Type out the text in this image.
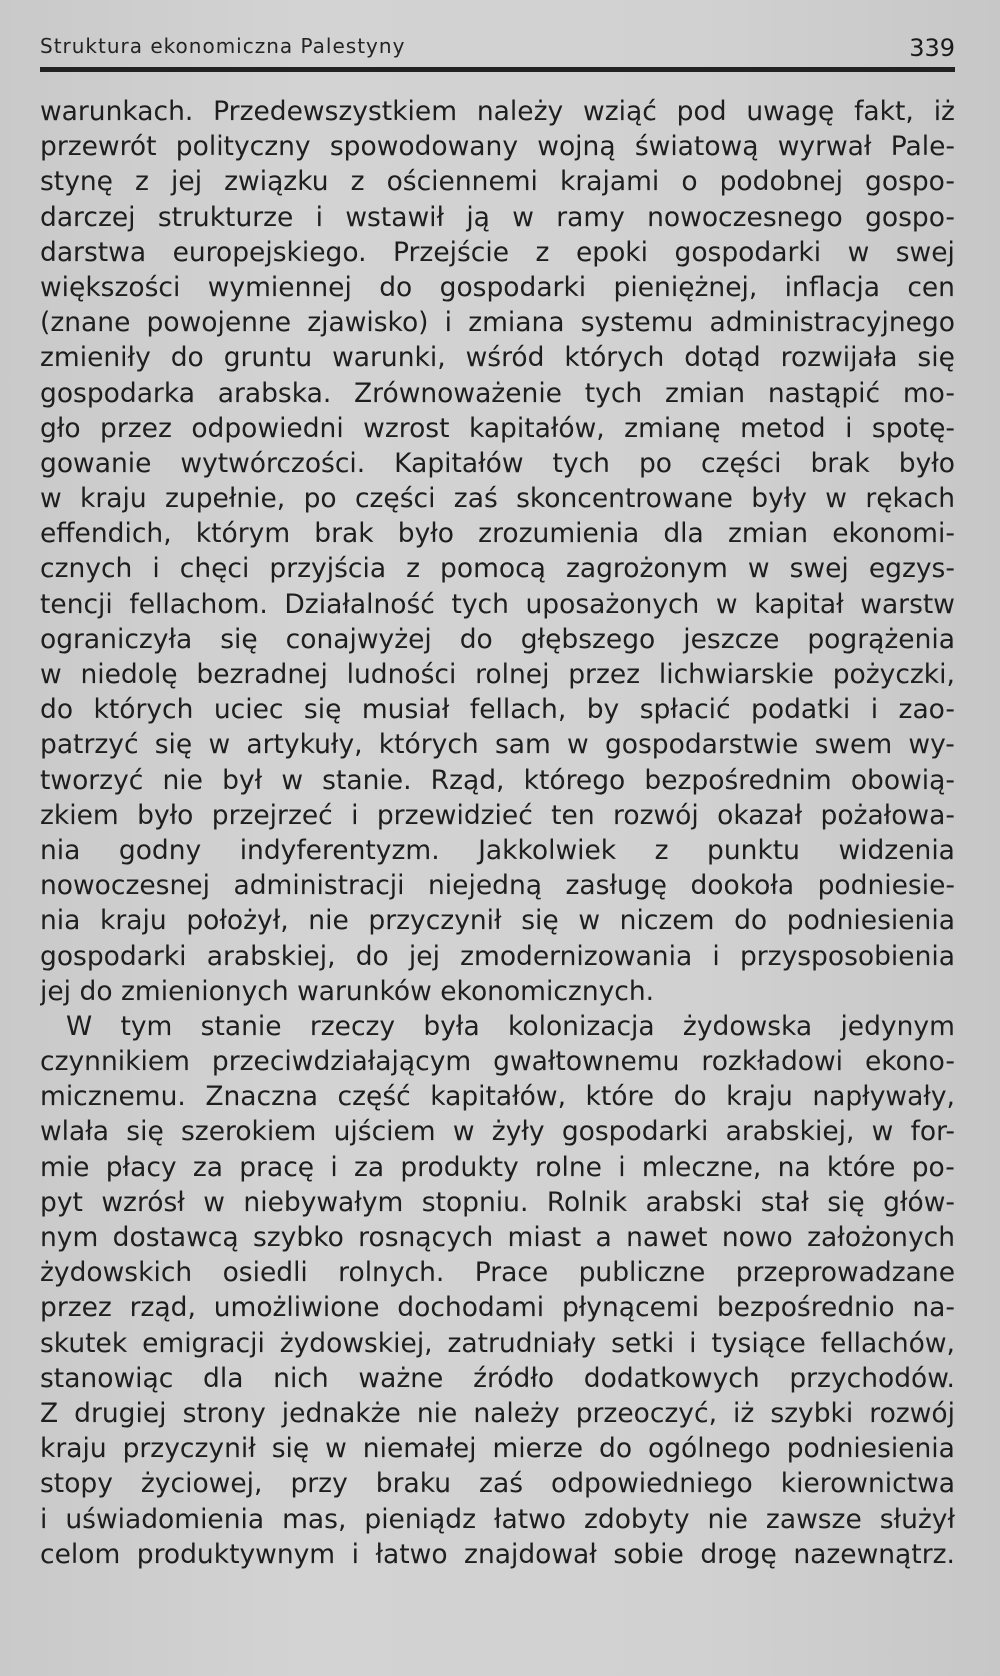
Struktura ekonomiczna Palestyny	339
warunkach. Przedewszystkiem należy wziąć pod uwagę fakt, iż
przewrót polityczny spowodowany wojną światową wyrwał Pale-
stynę z jej związku z ościennemi krajami o podobnej gospo-
darczej strukturze i wstawił ją w ramy nowoczesnego gospo-
darstwa europejskiego. Przejście z epoki gospodarki w swej
większości wymiennej do gospodarki pieniężnej, inflacja cen
(znane powojenne zjawisko) i zmiana systemu administracyjnego
zmieniły do gruntu warunki, wśród których dotąd rozwijała się
gospodarka arabska. Zrównoważenie tych zmian nastąpić mo-
gło przez odpowiedni wzrost kapitałów, zmianę metod i spotę-
gowanie wytwórczości. Kapitałów tych po części brak było
w kraju zupełnie, po części zaś skoncentrowane były w rękach
effendich, którym brak było zrozumienia dla zmian ekonomi-
cznych i chęci przyjścia z pomocą zagrożonym w swej egzys-
tencji fellachom. Działalność tych uposażonych w kapitał warstw
ograniczyła się conajwyżej do głębszego jeszcze pogrążenia
w niedolę bezradnej ludności rolnej przez lichwiarskie pożyczki,
do których uciec się musiał fellach, by spłacić podatki i zao-
patrzyć się w artykuły, których sam w gospodarstwie swem wy-
tworzyć nie był w stanie. Rząd, którego bezpośrednim obowią-
zkiem było przejrzeć i przewidzieć ten rozwój okazał pożałowa-
nia godny indyferentyzm. Jakkolwiek z punktu widzenia
nowoczesnej administracji niejedną zasługę dookoła podniesie-
nia kraju położył, nie przyczynił się w niczem do podniesienia
gospodarki arabskiej, do jej zmodernizowania i przysposobienia
jej do zmienionych warunków ekonomicznych.
W tym stanie rzeczy była kolonizacja żydowska jedynym
czynnikiem przeciwdziałającym gwałtownemu rozkładowi ekono-
micznemu. Znaczna część kapitałów, które do kraju napływały,
wlała się szerokiem ujściem w żyły gospodarki arabskiej, w for-
mie płacy za pracę i za produkty rolne i mleczne, na które po-
pyt wzrósł w niebywałym stopniu. Rolnik arabski stał się głów-
nym dostawcą szybko rosnących miast a nawet nowo założonych
żydowskich osiedli rolnych. Prace publiczne przeprowadzane
przez rząd, umożliwione dochodami płynącemi bezpośrednio na-
skutek emigracji żydowskiej, zatrudniały setki i tysiące fellachów,
stanowiąc dla nich ważne źródło dodatkowych przychodów.
Z drugiej strony jednakże nie należy przeoczyć, iż szybki rozwój
kraju przyczynił się w niemałej mierze do ogólnego podniesienia
stopy życiowej, przy braku zaś odpowiedniego kierownictwa
i uświadomienia mas, pieniądz łatwo zdobyty nie zawsze służył
celom produktywnym i łatwo znajdował sobie drogę nazewnątrz.
